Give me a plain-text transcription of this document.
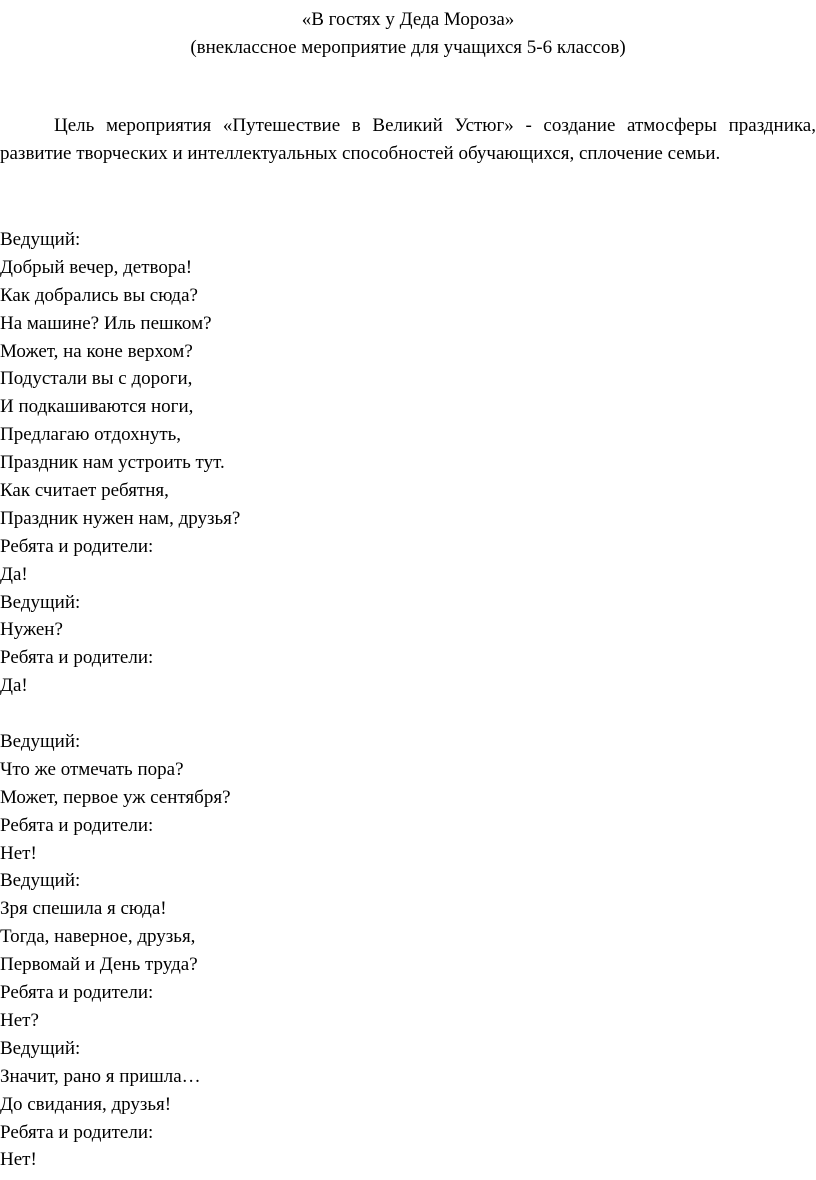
«В гостях у Деда Мороза»
(внеклассное мероприятие для учащихся 5-6 классов)
Цель мероприятия «Путешествие в Великий Устюг» - создание атмосферы праздника, развитие творческих и интеллектуальных способностей обучающихся, сплочение семьи.
Ведущий:
Добрый вечер, детвора!
Как добрались вы сюда?
На машине? Иль пешком?
Может, на коне верхом?
Подустали вы с дороги,
И подкашиваются ноги,
Предлагаю отдохнуть,
Праздник нам устроить тут.
Как считает ребятня,
Праздник нужен нам, друзья?
Ребята и родители:
Да!
Ведущий:
Нужен?
Ребята и родители:
Да!
Ведущий:
Что же отмечать пора?
Может, первое уж сентября?
Ребята и родители:
Нет!
Ведущий:
Зря спешила я сюда!
Тогда, наверное, друзья,
Первомай и День труда?
Ребята и родители:
Нет?
Ведущий:
Значит, рано я пришла…
До свидания, друзья!
Ребята и родители:
Нет!
